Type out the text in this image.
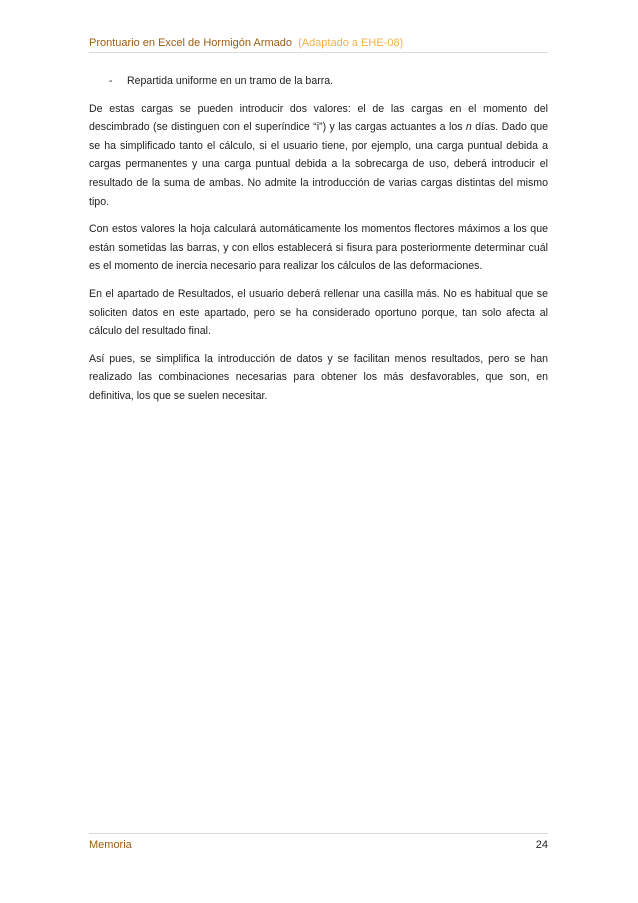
Prontuario en Excel de Hormigón Armado (Adaptado a EHE-08)
- Repartida uniforme en un tramo de la barra.

De estas cargas se pueden introducir dos valores: el de las cargas en el momento del descimbrado (se distinguen con el superíndice “i”) y las cargas actuantes a los n días. Dado que se ha simplificado tanto el cálculo, si el usuario tiene, por ejemplo, una carga puntual debida a cargas permanentes y una carga puntual debida a la sobrecarga de uso, deberá introducir el resultado de la suma de ambas. No admite la introducción de varias cargas distintas del mismo tipo.

Con estos valores la hoja calculará automáticamente los momentos flectores máximos a los que están sometidas las barras, y con ellos establecerá si fisura para posteriormente determinar cuál es el momento de inercia necesario para realizar los cálculos de las deformaciones.

En el apartado de Resultados, el usuario deberá rellenar una casilla más. No es habitual que se soliciten datos en este apartado, pero se ha considerado oportuno porque, tan solo afecta al cálculo del resultado final.

Así pues, se simplifica la introducción de datos y se facilitan menos resultados, pero se han realizado las combinaciones necesarias para obtener los más desfavorables, que son, en definitiva, los que se suelen necesitar.

Memoria	24
